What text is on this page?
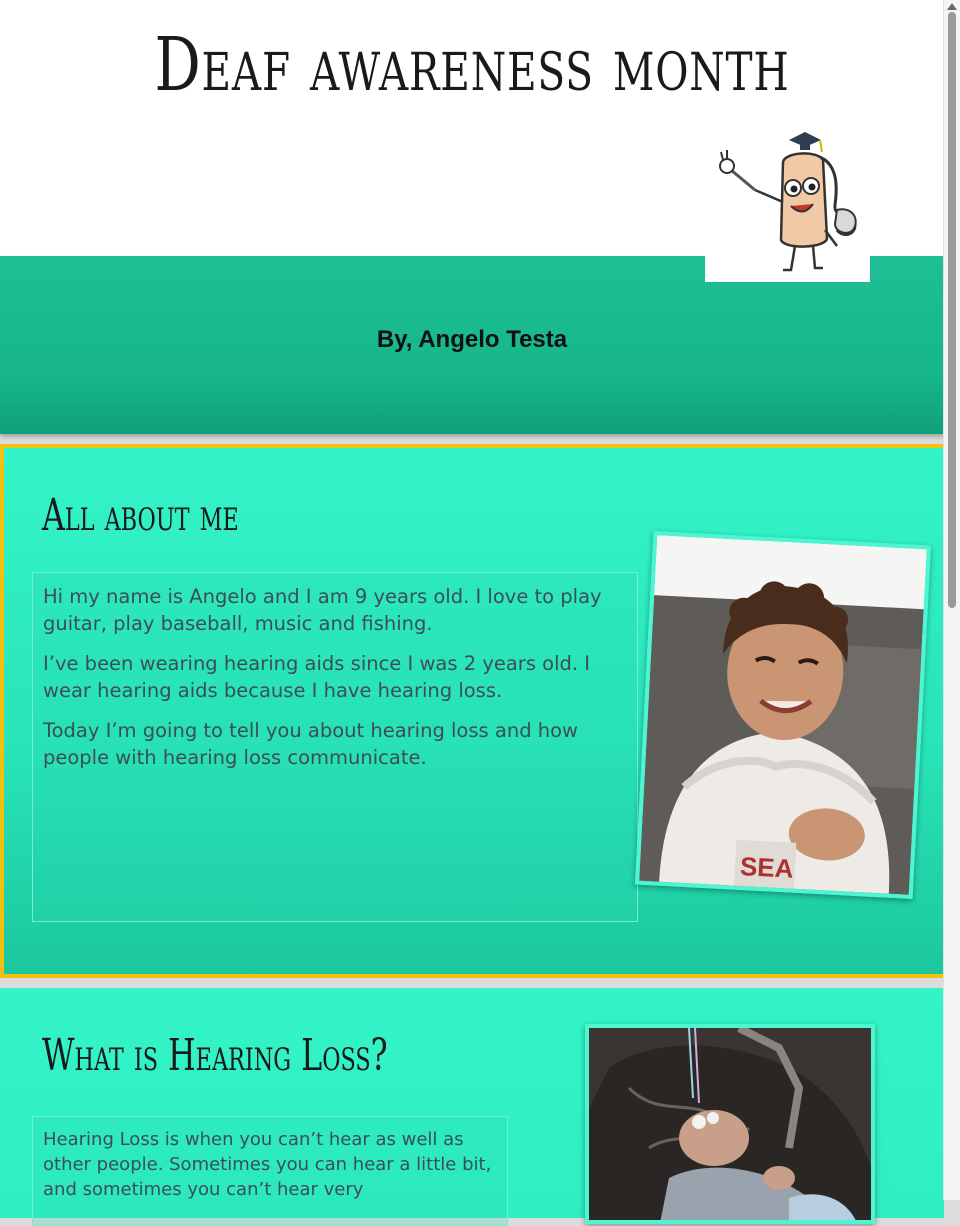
Deaf awareness month
By, Angelo Testa
All about me

Hi my name is Angelo and I am 9 years old. I love to play guitar, play baseball, music and fishing.

I’ve been wearing hearing aids since I was 2 years old. I wear hearing aids because I have hearing loss.

Today I’m going to tell you about hearing loss and how people with hearing loss communicate.

SEA
What is Hearing Loss?

Hearing Loss is when you can’t hear as well as other people. Sometimes you can hear a little bit, and sometimes you can’t hear very
